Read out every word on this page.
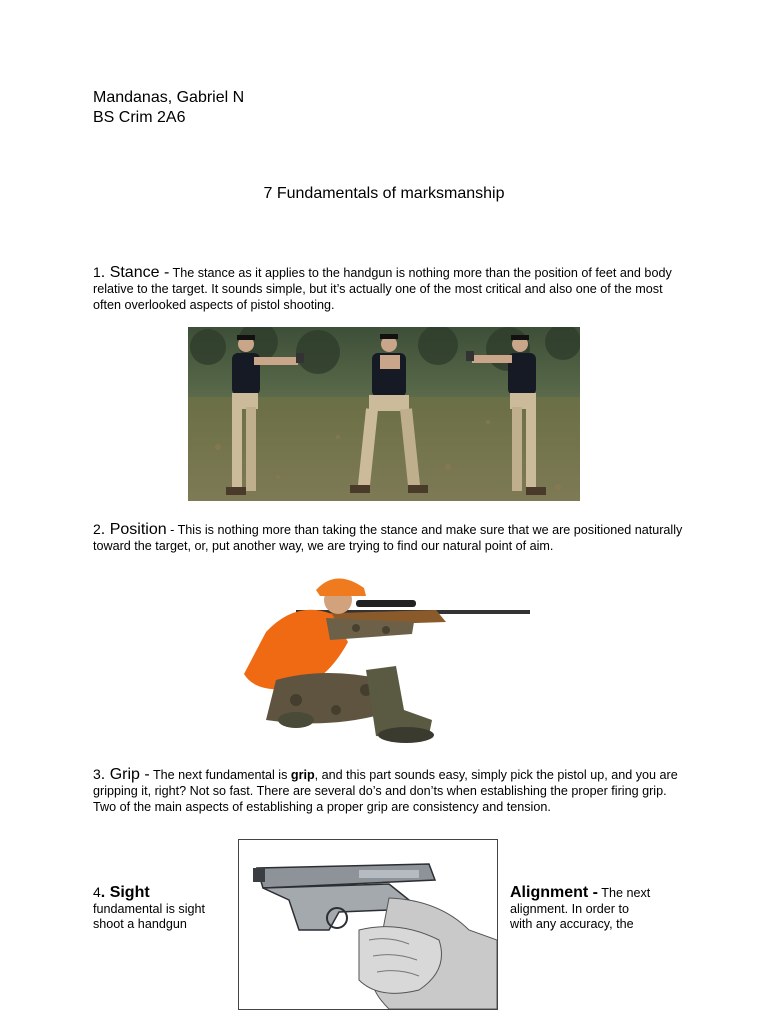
Mandanas, Gabriel N
BS Crim 2A6
7 Fundamentals of marksmanship
1. Stance - The stance as it applies to the handgun is nothing more than the position of feet and body relative to the target. It sounds simple, but it’s actually one of the most critical and also one of the most often overlooked aspects of pistol shooting.
2. Position - This is nothing more than taking the stance and make sure that we are positioned naturally toward the target, or, put another way, we are trying to find our natural point of aim.
3. Grip - The next fundamental is grip, and this part sounds easy, simply pick the pistol up, and you are gripping it, right? Not so fast. There are several do’s and don’ts when establishing the proper firing grip. Two of the main aspects of establishing a proper grip are consistency and tension.
4. Sight
fundamental is sight
shoot a handgun
Alignment - The next
alignment. In order to
with any accuracy, the
